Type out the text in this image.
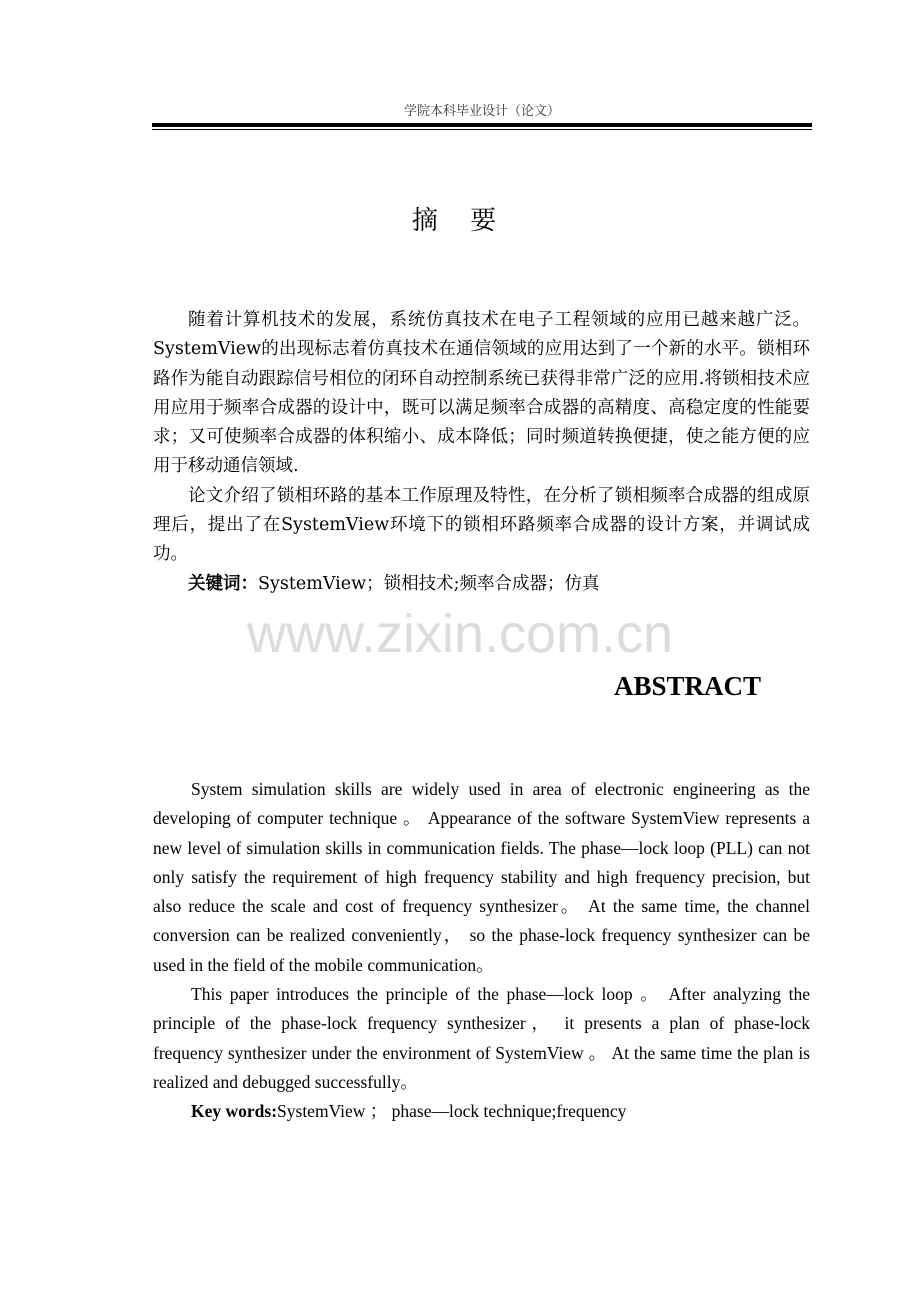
学院本科毕业设计（论文）
摘 要

随着计算机技术的发展，系统仿真技术在电子工程领域的应用已越来越广泛。SystemView的出现标志着仿真技术在通信领域的应用达到了一个新的水平。锁相环路作为能自动跟踪信号相位的闭环自动控制系统已获得非常广泛的应用.将锁相技术应用应用于频率合成器的设计中，既可以满足频率合成器的高精度、高稳定度的性能要求；又可使频率合成器的体积缩小、成本降低；同时频道转换便捷，使之能方便的应用于移动通信领域.

论文介绍了锁相环路的基本工作原理及特性，在分析了锁相频率合成器的组成原理后，提出了在SystemView环境下的锁相环路频率合成器的设计方案，并调试成功。

关键词：SystemView；锁相技术;频率合成器；仿真

www.zixin.com.cn
ABSTRACT

System simulation skills are widely used in area of electronic engineering as the developing of computer technique 。 Appearance of the software SystemView represents a new level of simulation skills in communication fields. The phase—lock loop (PLL) can not only satisfy the requirement of high frequency stability and high frequency precision, but also reduce the scale and cost of frequency synthesizer。 At the same time, the channel conversion can be realized conveniently， so the phase-lock frequency synthesizer can be used in the field of the mobile communication。

This paper introduces the principle of the phase—lock loop 。 After analyzing the principle of the phase-lock frequency synthesizer， it presents a plan of phase-lock frequency synthesizer under the environment of SystemView 。 At the same time the plan is realized and debugged successfully。

Key words:SystemView ； phase—lock technique;frequency
